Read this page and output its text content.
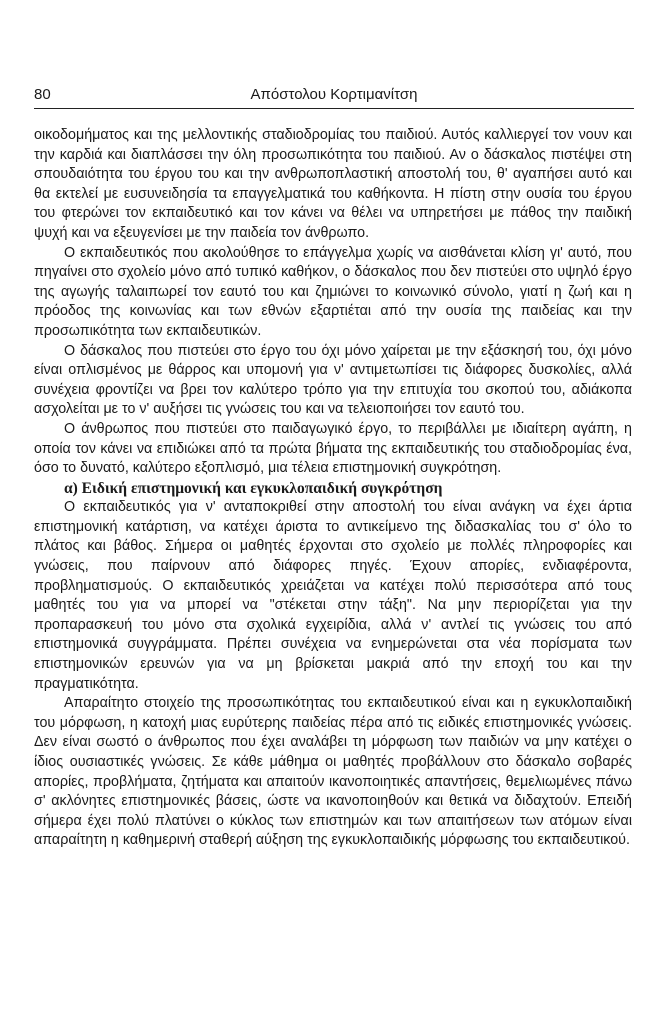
80	Απόστολου Κορτιμανίτση

οικοδομήματος και της μελλοντικής σταδιοδρομίας του παιδιού. Αυτός καλλιεργεί τον νουν και την καρδιά και διαπλάσσει την όλη προσωπικότητα του παιδιού. Αν ο δάσκαλος πιστέψει στη σπουδαιότητα του έργου του και την ανθρωποπλαστική αποστολή του, θ' αγαπήσει αυτό και θα εκτελεί με ευσυνειδησία τα επαγγελματικά του καθήκοντα. Η πίστη στην ουσία του έργου του φτερώνει τον εκπαιδευτικό και τον κάνει να θέλει να υπηρετήσει με πάθος την παιδική ψυχή και να εξευγενίσει με την παιδεία τον άνθρωπο.

Ο εκπαιδευτικός που ακολούθησε το επάγγελμα χωρίς να αισθάνεται κλίση γι' αυτό, που πηγαίνει στο σχολείο μόνο από τυπικό καθήκον, ο δάσκαλος που δεν πιστεύει στο υψηλό έργο της αγωγής ταλαιπωρεί τον εαυτό του και ζημιώνει το κοινωνικό σύνολο, γιατί η ζωή και η πρόοδος της κοινωνίας και των εθνών εξαρτιέται από την ουσία της παιδείας και την προσωπικότητα των εκπαιδευτικών.

Ο δάσκαλος που πιστεύει στο έργο του όχι μόνο χαίρεται με την εξάσκησή του, όχι μόνο είναι οπλισμένος με θάρρος και υπομονή για ν' αντιμετωπίσει τις διάφορες δυσκολίες, αλλά συνέχεια φροντίζει να βρει τον καλύτερο τρόπο για την επιτυχία του σκοπού του, αδιάκοπα ασχολείται με το ν' αυξήσει τις γνώσεις του και να τελειοποιήσει τον εαυτό του.

Ο άνθρωπος που πιστεύει στο παιδαγωγικό έργο, το περιβάλλει με ιδιαίτερη αγάπη, η οποία τον κάνει να επιδιώκει από τα πρώτα βήματα της εκπαιδευτικής του σταδιοδρομίας ένα, όσο το δυνατό, καλύτερο εξοπλισμό, μια τέλεια επιστημονική συγκρότηση.

α) Ειδική επιστημονική και εγκυκλοπαιδική συγκρότηση

Ο εκπαιδευτικός για ν' ανταποκριθεί στην αποστολή του είναι ανάγκη να έχει άρτια επιστημονική κατάρτιση, να κατέχει άριστα το αντικείμενο της διδασκαλίας του σ' όλο το πλάτος και βάθος. Σήμερα οι μαθητές έρχονται στο σχολείο με πολλές πληροφορίες και γνώσεις, που παίρνουν από διάφορες πηγές. Έχουν απορίες, ενδιαφέροντα, προβληματισμούς. Ο εκπαιδευτικός χρειάζεται να κατέχει πολύ περισσότερα από τους μαθητές του για να μπορεί να "στέκεται στην τάξη". Να μην περιορίζεται για την προπαρασκευή του μόνο στα σχολικά εγχειρίδια, αλλά ν' αντλεί τις γνώσεις του από επιστημονικά συγγράμματα. Πρέπει συνέχεια να ενημερώνεται στα νέα πορίσματα των επιστημονικών ερευνών για να μη βρίσκεται μακριά από την εποχή του και την πραγματικότητα.

Απαραίτητο στοιχείο της προσωπικότητας του εκπαιδευτικού είναι και η εγκυκλοπαιδική του μόρφωση, η κατοχή μιας ευρύτερης παιδείας πέρα από τις ειδικές επιστημονικές γνώσεις. Δεν είναι σωστό ο άνθρωπος που έχει αναλάβει τη μόρφωση των παιδιών να μην κατέχει ο ίδιος ουσιαστικές γνώσεις. Σε κάθε μάθημα οι μαθητές προβάλλουν στο δάσκαλο σοβαρές απορίες, προβλήματα, ζητήματα και απαιτούν ικανοποιητικές απαντήσεις, θεμελιωμένες πάνω σ' ακλόνητες επιστημονικές βάσεις, ώστε να ικανοποιηθούν και θετικά να διδαχτούν. Επειδή σήμερα έχει πολύ πλατύνει ο κύκλος των επιστημών και των απαιτήσεων των ατόμων είναι απαραίτητη η καθημερινή σταθερή αύξηση της εγκυκλοπαιδικής μόρφωσης του εκπαιδευτικού.
